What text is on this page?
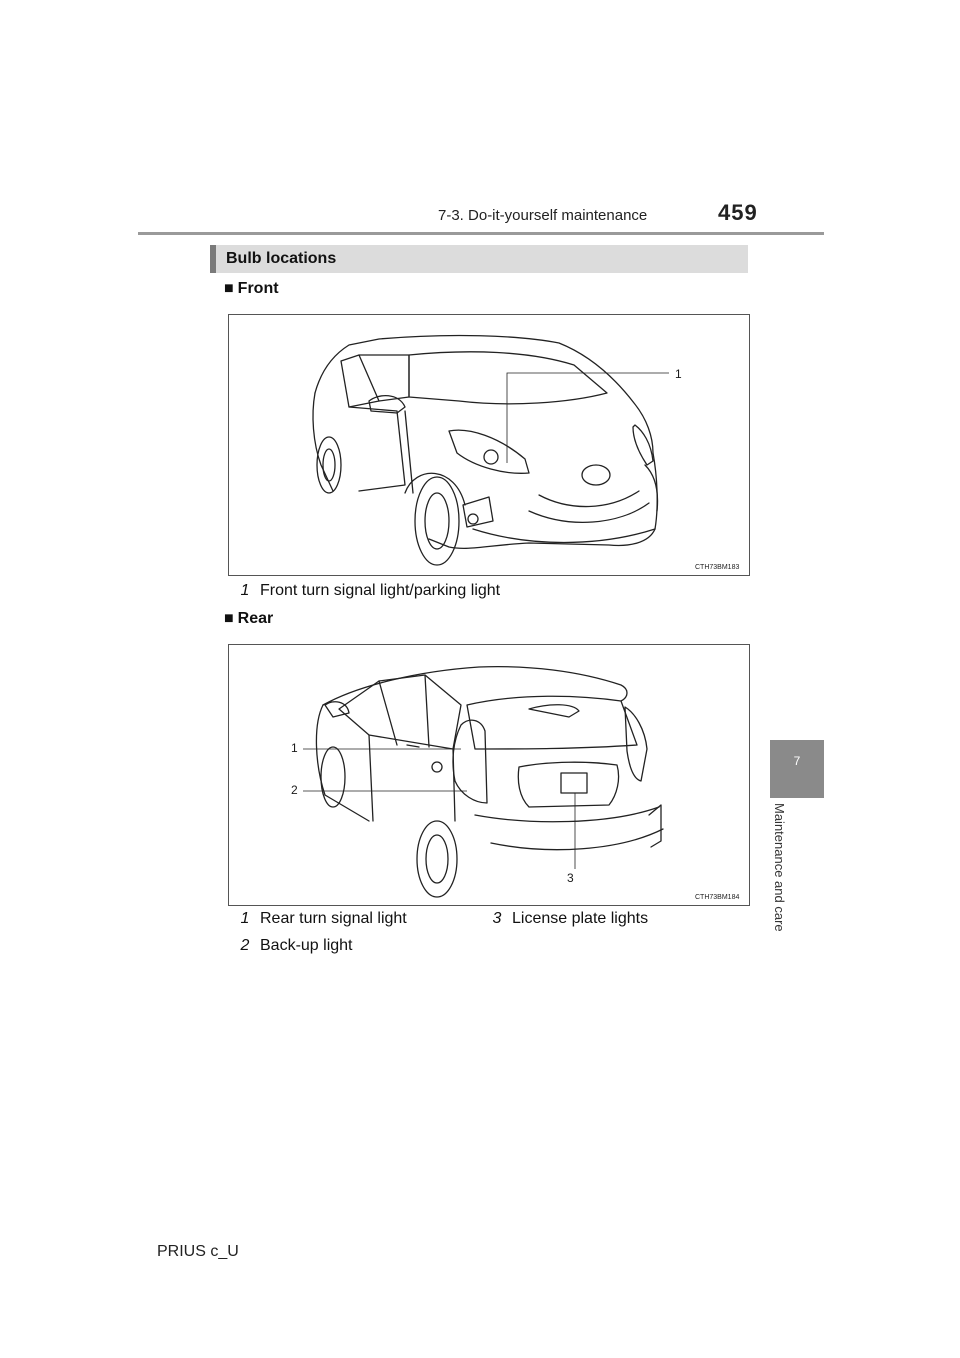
7-3. Do-it-yourself maintenance	459
7
Maintenance and care
Bulb locations
■ Front
1
CTH73BM183
1 Front turn signal light/parking light
■ Rear
1
2
3
CTH73BM184
1 Rear turn signal light	3 License plate lights
2 Back-up light
PRIUS c_U
